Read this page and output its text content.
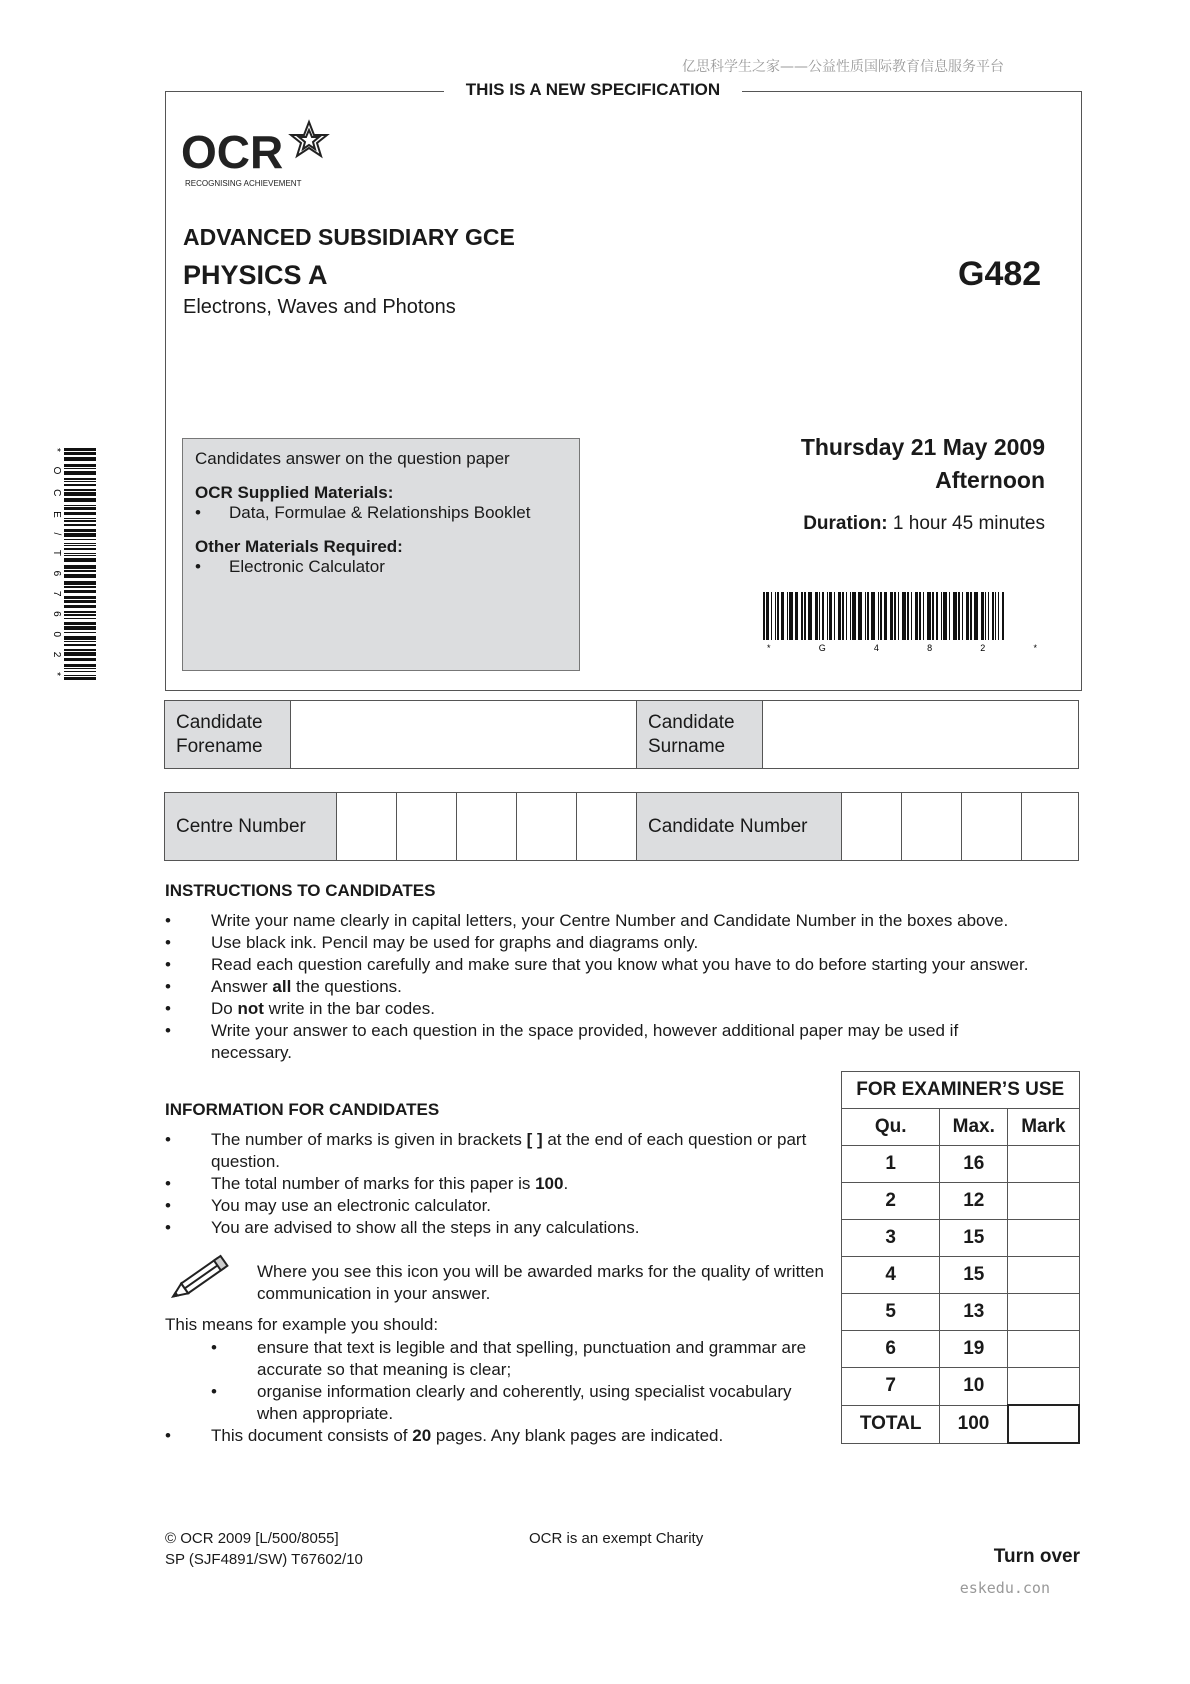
亿思科学生之家——公益性质国际教育信息服务平台
THIS IS A NEW SPECIFICATION
OCR
RECOGNISING ACHIEVEMENT
ADVANCED SUBSIDIARY GCE
PHYSICS A
Electrons, Waves and Photons
G482

Candidates answer on the question paper

OCR Supplied Materials:

•	Data, Formulae & Relationships Booklet

Other Materials Required:

•	Electronic Calculator
Thursday 21 May 2009
Afternoon
Duration: 1 hour 45 minutes
* G 4 8 2 *
* O C E / T 6 7 6 0 2 *
Candidate
Forename
Candidate
Surname
Centre Number	Candidate Number
INSTRUCTIONS TO CANDIDATES
•	Write your name clearly in capital letters, your Centre Number and Candidate Number in the boxes above.
•	Use black ink. Pencil may be used for graphs and diagrams only.
•	Read each question carefully and make sure that you know what you have to do before starting your answer.
•	Answer all the questions.
•	Do not write in the bar codes.
•	Write your answer to each question in the space provided, however additional paper may be used if necessary.
INFORMATION FOR CANDIDATES
•	The number of marks is given in brackets [ ] at the end of each question or part question.
•	The total number of marks for this paper is 100.
•	You may use an electronic calculator.
•	You are advised to show all the steps in any calculations.
Where you see this icon you will be awarded marks for the quality of written communication in your answer.
This means for example you should:
•	ensure that text is legible and that spelling, punctuation and grammar are accurate so that meaning is clear;
•	organise information clearly and coherently, using specialist vocabulary when appropriate.
•	This document consists of 20 pages. Any blank pages are indicated.
FOR EXAMINER’S USE		
Qu.	Max.	Mark
1	16	
2	12	
3	15	
4	15	
5	13	
6	19	
7	10	
TOTAL	100	
© OCR 2009 [L/500/8055]
SP (SJF4891/SW) T67602/10
OCR is an exempt Charity
Turn over
eskedu.con
